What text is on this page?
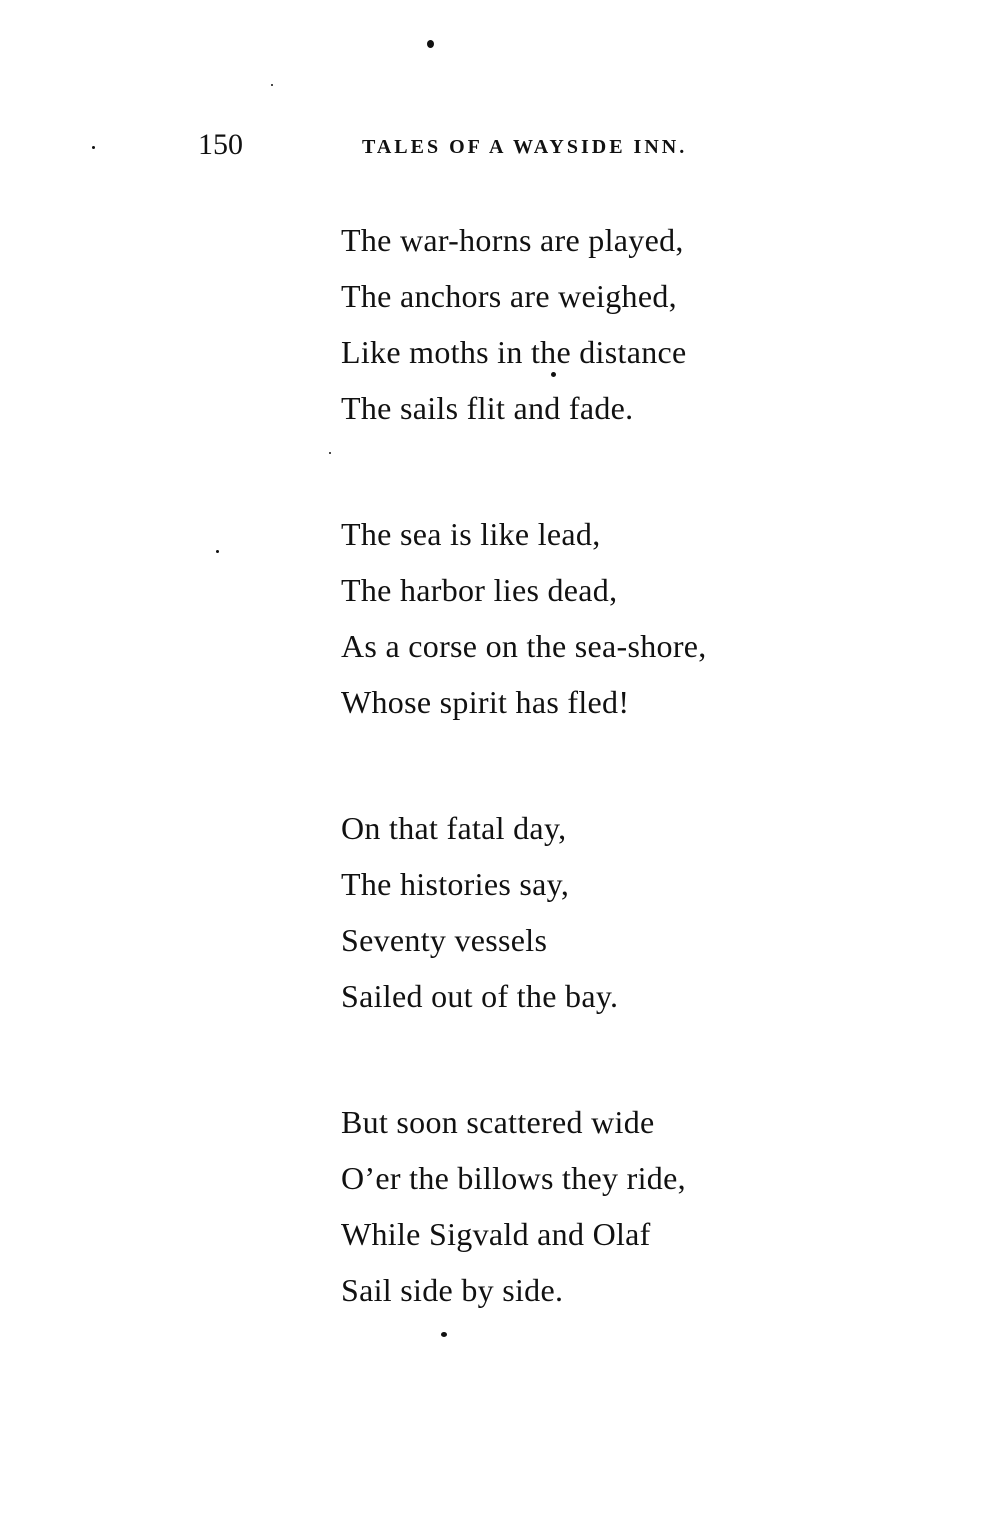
150	TALES OF A WAYSIDE INN.
The war-horns are played,
The anchors are weighed,
Like moths in the distance
The sails flit and fade.
The sea is like lead,
The harbor lies dead,
As a corse on the sea-shore,
Whose spirit has fled!
On that fatal day,
The histories say,
Seventy vessels
Sailed out of the bay.
But soon scattered wide
O’er the billows they ride,
While Sigvald and Olaf
Sail side by side.
